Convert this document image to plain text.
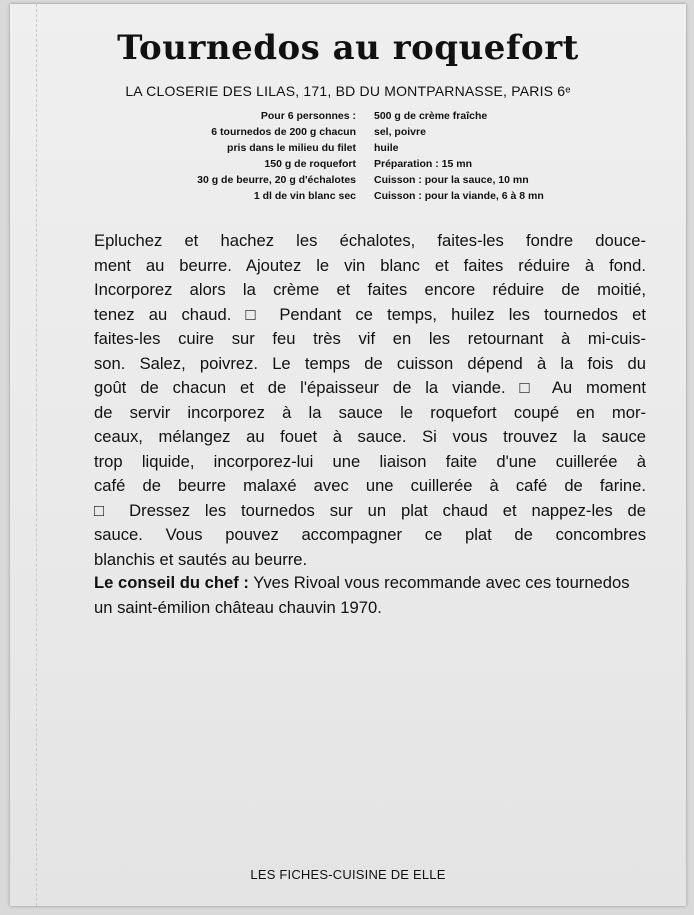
Tournedos au roquefort
LA CLOSERIE DES LILAS, 171, BD DU MONTPARNASSE, PARIS 6ᵉ
Pour 6 personnes :
6 tournedos de 200 g chacun
pris dans le milieu du filet
150 g de roquefort
30 g de beurre, 20 g d'échalotes
1 dl de vin blanc sec
500 g de crème fraîche
sel, poivre
huile
Préparation : 15 mn
Cuisson : pour la sauce, 10 mn
Cuisson : pour la viande, 6 à 8 mn
Epluchez et hachez les échalotes, faites-les fondre douce-
ment au beurre. Ajoutez le vin blanc et faites réduire à fond.
Incorporez alors la crème et faites encore réduire de moitié,
tenez au chaud. □ Pendant ce temps, huilez les tournedos et
faites-les cuire sur feu très vif en les retournant à mi-cuis-
son. Salez, poivrez. Le temps de cuisson dépend à la fois du
goût de chacun et de l'épaisseur de la viande. □ Au moment
de servir incorporez à la sauce le roquefort coupé en mor-
ceaux, mélangez au fouet à sauce. Si vous trouvez la sauce
trop liquide, incorporez-lui une liaison faite d'une cuillerée à
café de beurre malaxé avec une cuillerée à café de farine.
□ Dressez les tournedos sur un plat chaud et nappez-les de
sauce. Vous pouvez accompagner ce plat de concombres
blanchis et sautés au beurre.

Le conseil du chef : Yves Rivoal vous recommande avec ces tournedos un saint-émilion château chauvin 1970.

LES FICHES-CUISINE DE ELLE
